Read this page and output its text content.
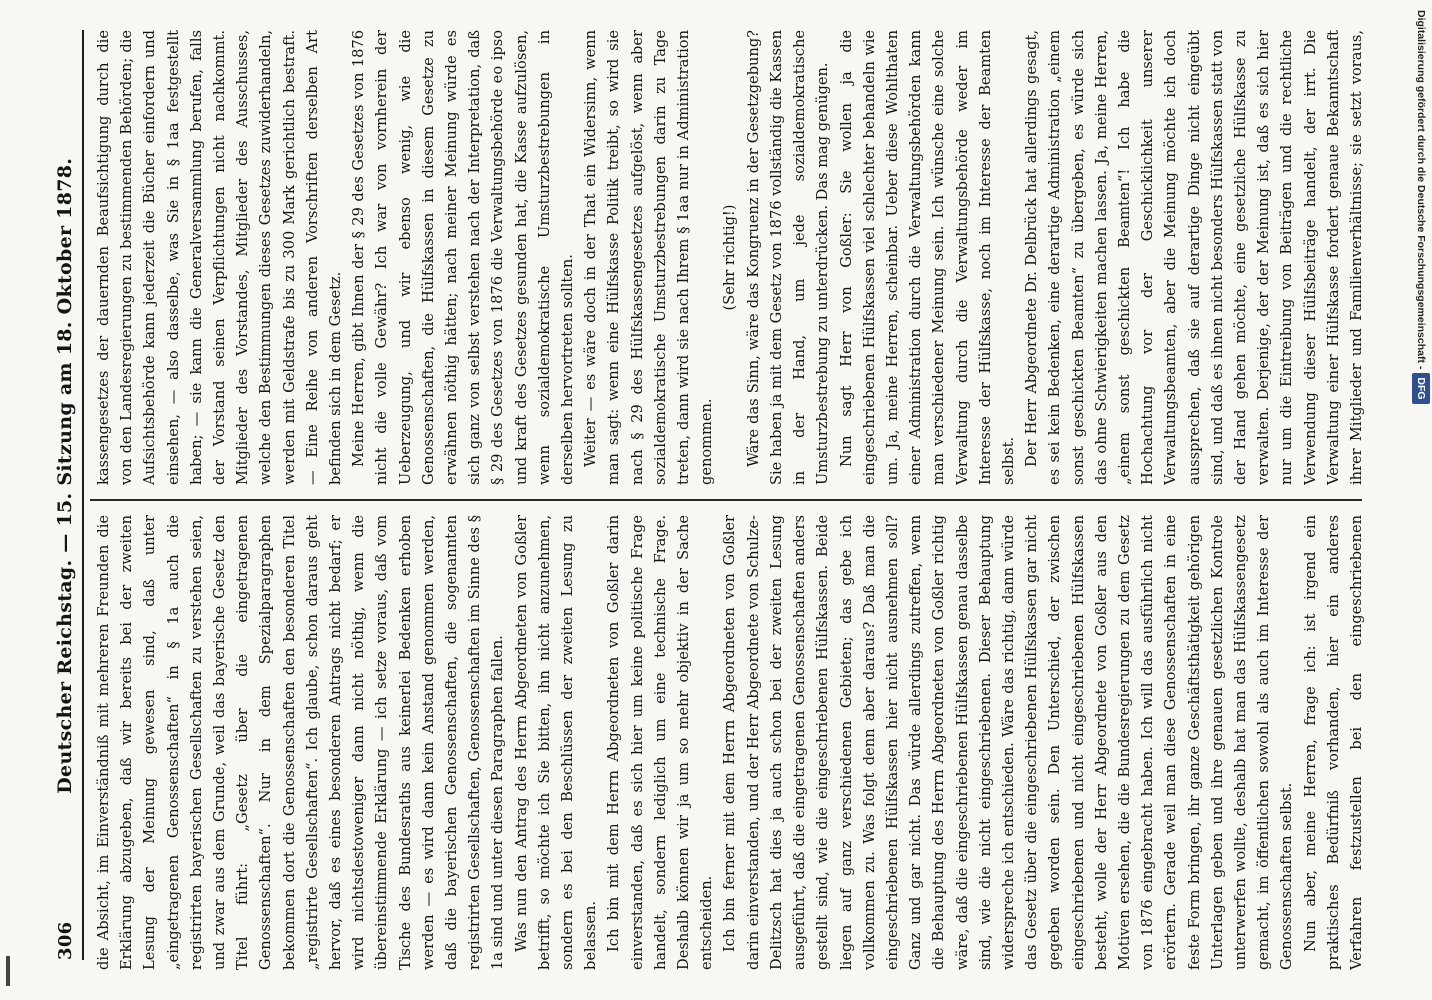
306
Deutscher Reichstag. — 15. Sitzung am 18. Oktober 1878. die Absicht, im Einverständniß mit mehreren Freunden die Erklärung abzugeben, daß wir bereits bei der zweiten Lesung der Meinung gewesen sind, daß unter „eingetragenen Genossenschaften“ in § 1a auch die registrirten bayerischen Gesellschaften zu verstehen seien, und zwar aus dem Grunde, weil das bayerische Gesetz den Titel führt: „Gesetz über die eingetragenen Genossenschaften“. Nur in dem Spezialparagraphen bekommen dort die Genossenschaften den besonderen Titel „registrirte Gesellschaften“. Ich glaube, schon daraus geht hervor, daß es eines besonderen Antrags nicht bedarf; er wird nichtsdestoweniger dann nicht nöthig, wenn die übereinstimmende Erklärung — ich setze voraus, daß vom Tische des Bundesraths aus keinerlei Bedenken erhoben werden — es wird dann kein Anstand genommen werden, daß die bayerischen Genossenschaften, die sogenannten registrirten Gesellschaften, Genossenschaften im Sinne des § 1a sind und unter diesen Paragraphen fallen. Was nun den Antrag des Herrn Abgeordneten von Goßler betrifft, so möchte ich Sie bitten, ihn nicht anzunehmen, sondern es bei den Beschlüssen der zweiten Lesung zu belassen. Ich bin mit dem Herrn Abgeordneten von Goßler darin einverstanden, daß es sich hier um keine politische Frage handelt, sondern lediglich um eine technische Frage. Deshalb können wir ja um so mehr objektiv in der Sache entscheiden. Ich bin ferner mit dem Herrn Abgeordneten von Goßler darin einverstanden, und der Herr Abgeordnete von Schulze-Delitzsch hat dies ja auch schon bei der zweiten Lesung ausgeführt, daß die eingetragenen Genossenschaften anders gestellt sind, wie die eingeschriebenen Hülfskassen. Beide liegen auf ganz verschiedenen Gebieten; das gebe ich vollkommen zu. Was folgt denn aber daraus? Daß man die eingeschriebenen Hülfskassen hier nicht ausnehmen soll? Ganz und gar nicht. Das würde allerdings zutreffen, wenn die Behauptung des Herrn Abgeordneten von Goßler richtig wäre, daß die eingeschriebenen Hülfskassen genau dasselbe sind, wie die nicht eingeschriebenen. Dieser Behauptung widerspreche ich entschieden. Wäre das richtig, dann würde das Gesetz über die eingeschriebenen Hülfskassen gar nicht gegeben worden sein. Den Unterschied, der zwischen eingeschriebenen und nicht eingeschriebenen Hülfskassen besteht, wolle der Herr Abgeordnete von Goßler aus den Motiven ersehen, die die Bundesregierungen zu dem Gesetz von 1876 eingebracht haben. Ich will das ausführlich nicht erörtern. Gerade weil man diese Genossenschaften in eine feste Form bringen, ihr ganze Geschäftsthätigkeit gehörigen Unterlagen geben und ihre genauen gesetzlichen Kontrole unterwerfen wollte, deshalb hat man das Hülfskassengesetz gemacht, im öffentlichen sowohl als auch im Interesse der Genossenschaften selbst. Nun aber, meine Herren, frage ich: ist irgend ein praktisches Bedürfniß vorhanden, hier ein anderes Verfahren festzustellen bei den eingeschriebenen

kassengesetzes der dauernden Beaufsichtigung durch die von den Landesregierungen zu bestimmenden Behörden; die Aufsichtsbehörde kann jederzeit die Bücher einfordern und einsehen, — also dasselbe, was Sie in § 1aa festgestellt haben; — sie kann die Generalversammlung berufen, falls der Vorstand seinen Verpflichtungen nicht nachkommt. Mitglieder des Vorstandes, Mitglieder des Ausschusses, welche den Bestimmungen dieses Gesetzes zuwiderhandeln, werden mit Geldstrafe bis zu 300 Mark gerichtlich bestraft. — Eine Reihe von anderen Vorschriften derselben Art befinden sich in dem Gesetz. Meine Herren, gibt Ihnen der § 29 des Gesetzes von 1876 nicht die volle Gewähr? Ich war von vornherein der Ueberzeugung, und wir ebenso wenig, wie die Genossenschaften, die Hülfskassen in diesem Gesetze zu erwähnen nöthig hätten; nach meiner Meinung würde es sich ganz von selbst verstehen nach der Interpretation, daß § 29 des Gesetzes von 1876 die Verwaltungsbehörde eo ipso und kraft des Gesetzes gesunden hat, die Kasse aufzulösen, wenn sozialdemokratische Umsturzbestrebungen in derselben hervortreten sollten. Weiter — es wäre doch in der That ein Widersinn, wenn man sagt: wenn eine Hülfskasse Politik treibt, so wird sie nach § 29 des Hülfskassengesetzes aufgelöst, wenn aber sozialdemokratische Umsturzbestrebungen darin zu Tage treten, dann wird sie nach Ihrem § 1aa nur in Administration genommen.

(Sehr richtig!) Wäre das Sinn, wäre das Kongruenz in der Gesetzgebung? Sie haben ja mit dem Gesetz von 1876 vollständig die Kassen in der Hand, um jede sozialdemokratische Umsturzbestrebung zu unterdrücken. Das mag genügen. Nun sagt Herr von Goßler: Sie wollen ja die eingeschriebenen Hülfskassen viel schlechter behandeln wie um. Ja, meine Herren, scheinbar. Ueber diese Wohlthaten einer Administration durch die Verwaltungsbehörden kann man verschiedener Meinung sein. Ich wünsche eine solche Verwaltung durch die Verwaltungsbehörde weder im Interesse der Hülfskasse, noch im Interesse der Beamten selbst. Der Herr Abgeordnete Dr. Delbrück hat allerdings gesagt, es sei kein Bedenken, eine derartige Administration „einem sonst geschickten Beamten“ zu übergeben, es würde sich das ohne Schwierigkeiten machen lassen. Ja, meine Herren, „einem sonst geschickten Beamten“! Ich habe die Hochachtung vor der Geschicklichkeit unserer Verwaltungsbeamten, aber die Meinung möchte ich doch aussprechen, daß sie auf derartige Dinge nicht eingeübt sind, und daß es ihnen nicht besonders Hülfskassen statt von der Hand gehen möchte, eine gesetzliche Hülfskasse zu verwalten. Derjenige, der der Meinung ist, daß es sich hier nur um die Eintreibung von Beiträgen und die rechtliche Verwendung dieser Hülfsbeiträge handelt, der irrt. Die Verwaltung einer Hülfskasse fordert genaue Bekanntschaft ihrer Mitglieder und Familienverhältnisse; sie setzt voraus,	Digitalisierung gefördert durch die Deutsche Forschungsgemeinschaft -DFG
